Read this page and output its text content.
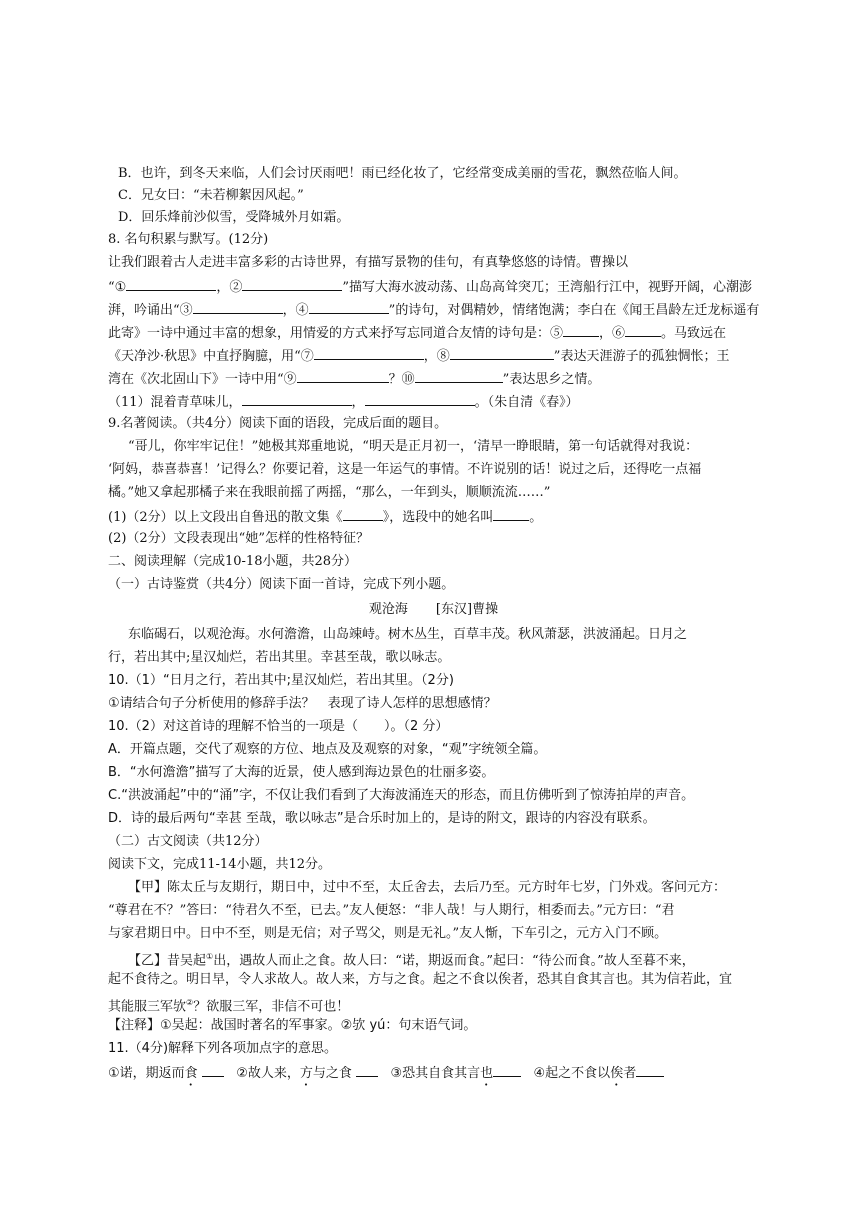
B．也许，到冬天来临，人们会讨厌雨吧！雨已经化妆了，它经常变成美丽的雪花，飘然莅临人间。
C．兄女曰：“未若柳絮因风起。”
D．回乐烽前沙似雪，受降城外月如霜。
8. 名句积累与默写。(12分)
让我们跟着古人走进丰富多彩的古诗世界，有描写景物的佳句，有真挚悠悠的诗情。曹操以
“①	，②	”描写大海水波动荡、山岛高耸突兀；王湾船行江中，视野开阔，心潮澎
湃，吟诵出“③	，④	”的诗句，对偶精妙，情绪饱满；李白在《闻王昌龄左迁龙标遥有
此寄》一诗中通过丰富的想象，用情爱的方式来抒写忘同道合友情的诗句是：⑤	，⑥	。马致远在
《天净沙·秋思》中直抒胸臆，用“⑦	，⑧	”表达天涯游子的孤独惆怅；王
湾在《次北固山下》一诗中用“⑨	？⑩	”表达思乡之情。
（11）混着青草味儿，	，	。（朱自清《春》）
9.名著阅读。（共4分）阅读下面的语段，完成后面的题目。
“哥儿，你牢牢记住！”她极其郑重地说，“明天是正月初一，‘清早一睁眼睛，第一句话就得对我说：
‘阿妈，恭喜恭喜！’记得么？你要记着，这是一年运气的事情。不许说别的话！说过之后，还得吃一点福
橘。”她又拿起那橘子来在我眼前摇了两摇，“那么，一年到头，顺顺流流……”
(1)（2分）以上文段出自鲁迅的散文集《	》，选段中的她名叫	。
(2)（2分）文段表现出“她”怎样的性格特征？
二、阅读理解（完成10-18小题，共28分）
（一）古诗鉴赏（共4分）阅读下面一首诗，完成下列小题。
观沧海 [东汉]曹操
东临碣石，以观沧海。水何澹澹，山岛竦峙。树木丛生，百草丰茂。秋风萧瑟，洪波涌起。日月之
行，若出其中;星汉灿烂，若出其里。幸甚至哉，歌以咏志。
10.（1）“日月之行，若出其中;星汉灿烂，若出其里。（2分)
①请结合句子分析使用的修辞手法？　表现了诗人怎样的思想感情？
10.（2）对这首诗的理解不恰当的一项是（　　）。（2 分）
A．开篇点题，交代了观察的方位、地点及及观察的对象，“观”字统领全篇。
B．“水何澹澹”描写了大海的近景，使人感到海边景色的壮丽多姿。
C.“洪波涌起”中的“涌”字，不仅让我们看到了大海波涌连天的形态，而且仿佛听到了惊涛拍岸的声音。
D．诗的最后两句“幸甚 至哉，歌以咏志”是合乐时加上的，是诗的附文，跟诗的内容没有联系。
（二）古文阅读（共12分）
阅读下文，完成11-14小题，共12分。
【甲】陈太丘与友期行，期日中，过中不至，太丘舍去，去后乃至。元方时年七岁，门外戏。客问元方：
“尊君在不？”答曰：“待君久不至，已去。”友人便怒：“非人哉！与人期行，相委而去。”元方曰：“君
与家君期日中。日中不至，则是无信；对子骂父，则是无礼。”友人惭，下车引之，元方入门不顾。
【乙】昔吴起①出，遇故人而止之食。故人曰：“诺，期返而食。”起曰：“待公而食。”故人至暮不来，
起不食待之。明日早，令人求故人。故人来，方与之食。起之不食以俟者，恐其自食其言也。其为信若此，宜
其能服三军欤②？欲服三军，非信不可也！
【注释】①吴起：战国时著名的军事家。②欤 yú：句末语气词。
11.（4分)解释下列各项加点字的意思。
①诺，期返而食	②故人来，方与之食	③恐其自食其言也	④起之不食以俟者
